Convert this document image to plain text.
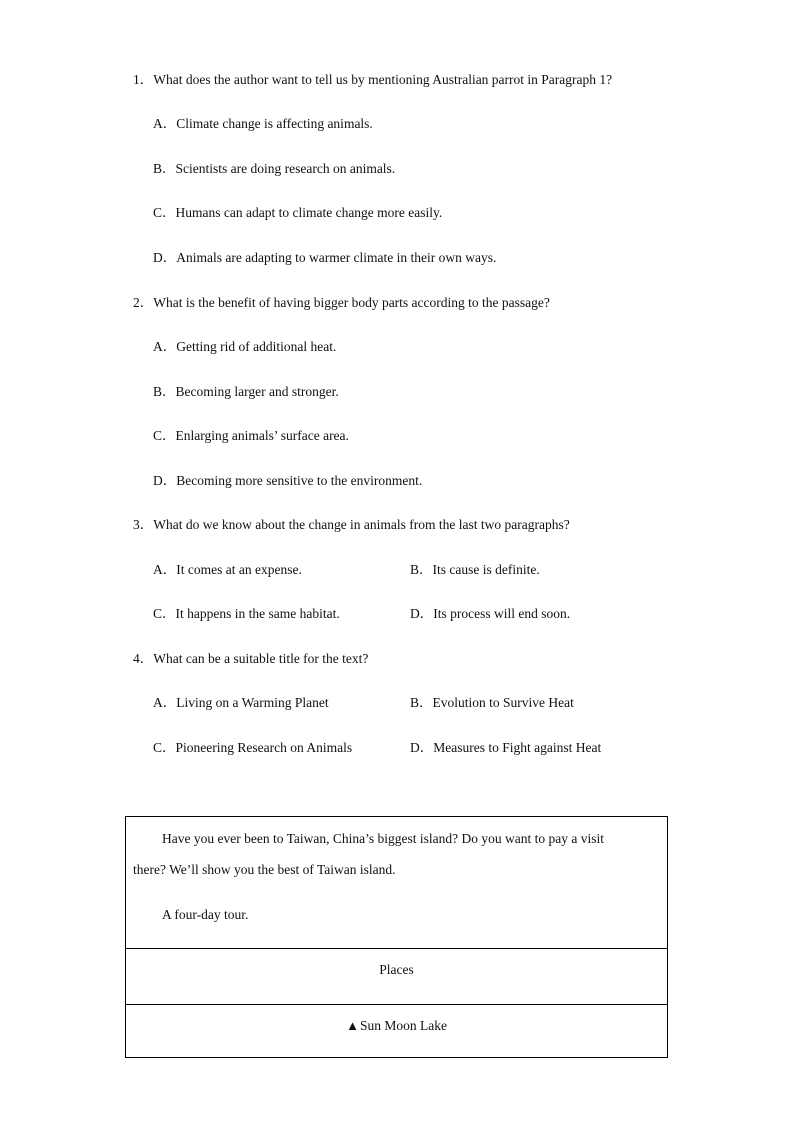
1．What does the author want to tell us by mentioning Australian parrot in Paragraph 1?
A．Climate change is affecting animals.
B．Scientists are doing research on animals.
C．Humans can adapt to climate change more easily.
D．Animals are adapting to warmer climate in their own ways.
2．What is the benefit of having bigger body parts according to the passage?
A．Getting rid of additional heat.
B．Becoming larger and stronger.
C．Enlarging animals’ surface area.
D．Becoming more sensitive to the environment.
3．What do we know about the change in animals from the last two paragraphs?
A．It comes at an expense.	B．Its cause is definite.
C．It happens in the same habitat.	D．Its process will end soon.
4．What can be a suitable title for the text?
A．Living on a Warming Planet	B．Evolution to Survive Heat
C．Pioneering Research on Animals	D．Measures to Fight against Heat
Have you ever been to Taiwan, China’s biggest island? Do you want to pay a visit
there? We’ll show you the best of Taiwan island.
A four-day tour.
Places
▲Sun Moon Lake
